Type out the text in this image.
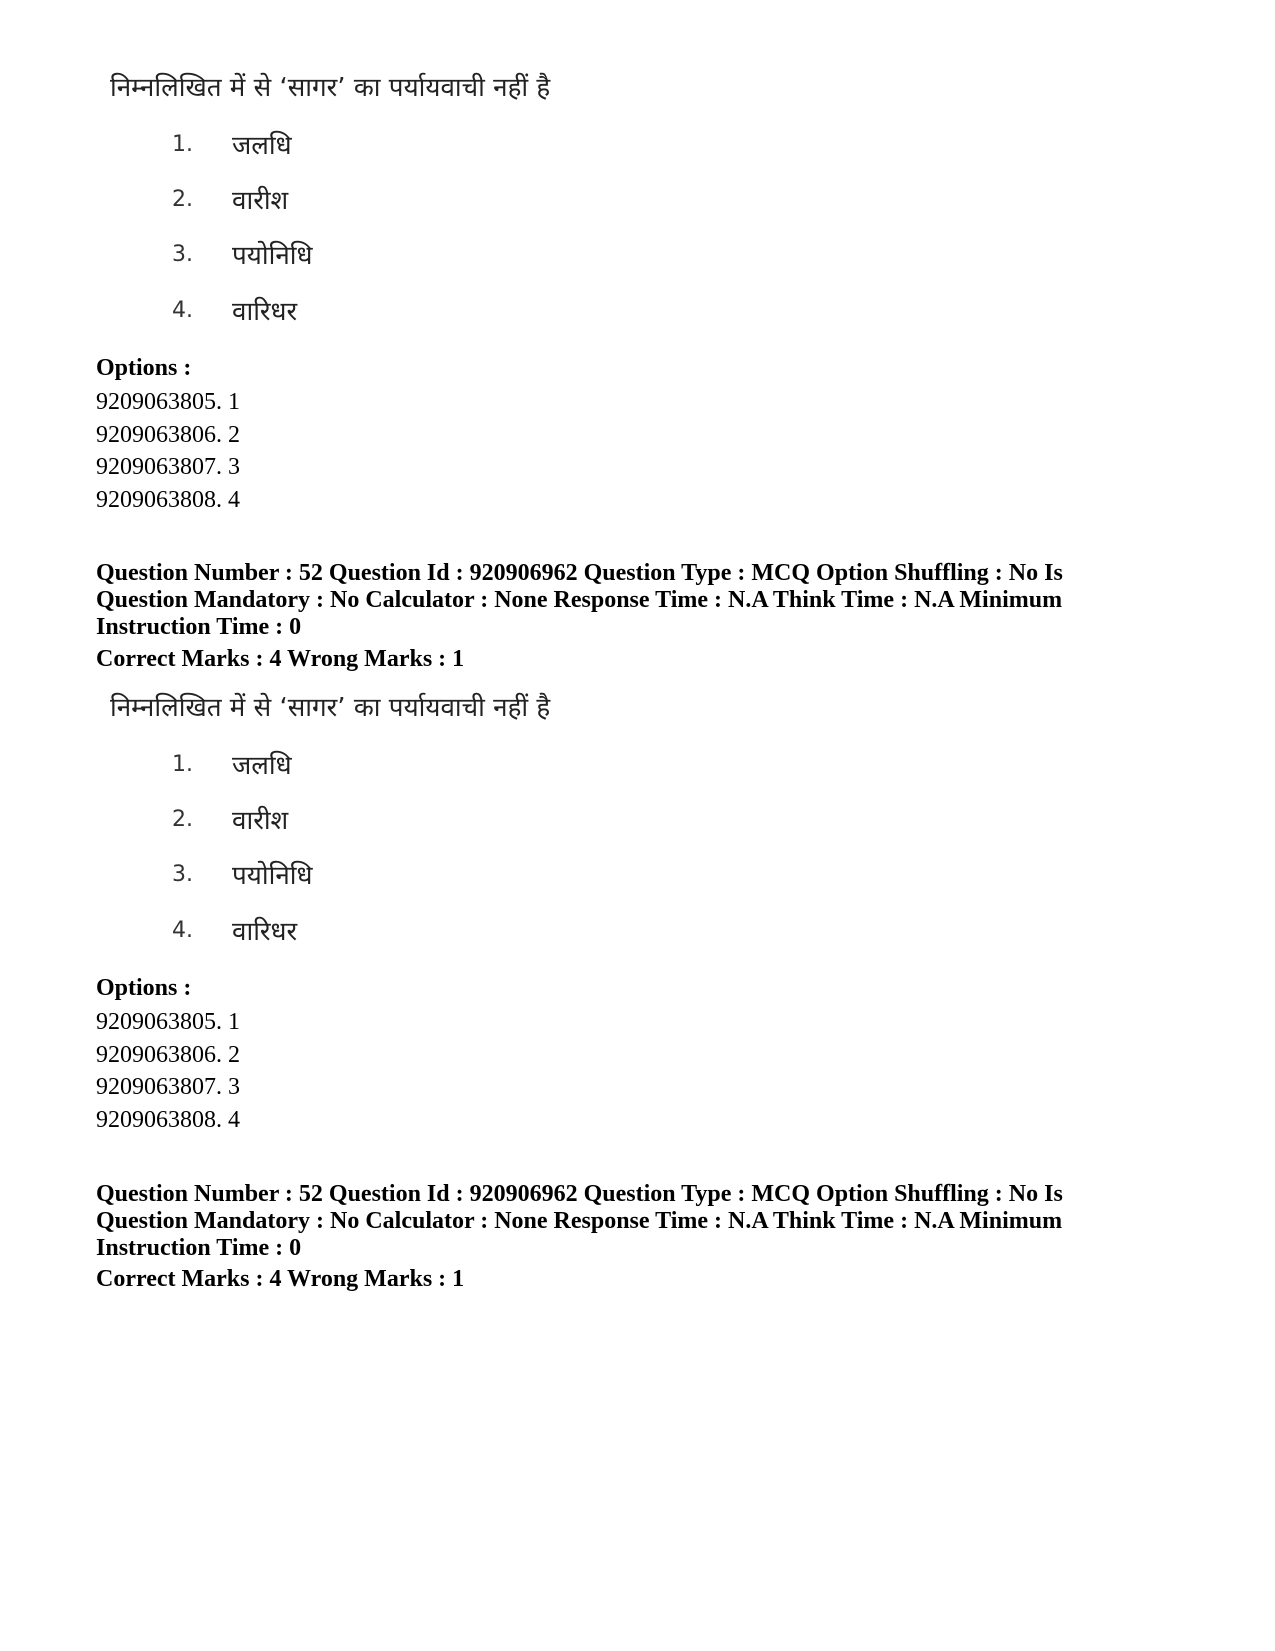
निम्नलिखित में से ‘सागर’ का पर्यायवाची नहीं है
1. जलधि
2. वारीश
3. पयोनिधि
4. वारिधर
Options :
9209063805. 1
9209063806. 2
9209063807. 3
9209063808. 4
Question Number : 52 Question Id : 920906962 Question Type : MCQ Option Shuffling : No Is
Question Mandatory : No Calculator : None Response Time : N.A Think Time : N.A Minimum
Instruction Time : 0
Correct Marks : 4 Wrong Marks : 1
निम्नलिखित में से ‘सागर’ का पर्यायवाची नहीं है
1. जलधि
2. वारीश
3. पयोनिधि
4. वारिधर
Options :
9209063805. 1
9209063806. 2
9209063807. 3
9209063808. 4
Question Number : 52 Question Id : 920906962 Question Type : MCQ Option Shuffling : No Is
Question Mandatory : No Calculator : None Response Time : N.A Think Time : N.A Minimum
Instruction Time : 0
Correct Marks : 4 Wrong Marks : 1
